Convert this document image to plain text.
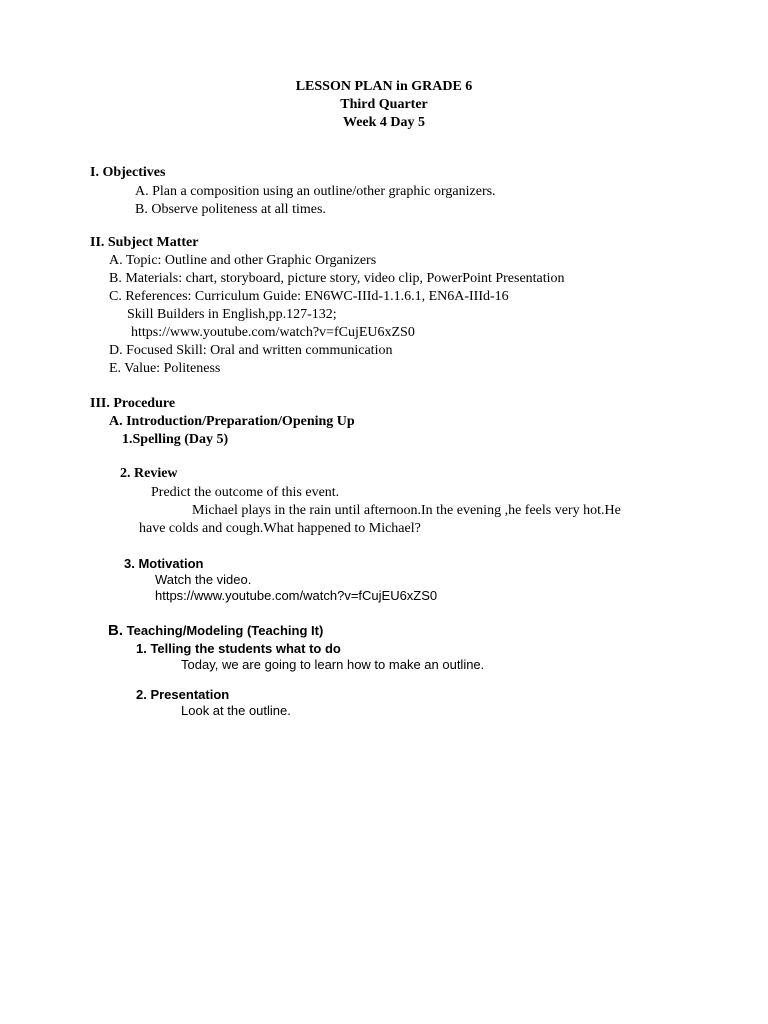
LESSON PLAN in GRADE 6
Third Quarter
Week 4 Day 5
I. Objectives
A. Plan a composition using an outline/other graphic organizers.
B. Observe politeness at all times.
II. Subject Matter
A. Topic: Outline and other Graphic Organizers
B. Materials: chart, storyboard, picture story, video clip, PowerPoint Presentation
C. References: Curriculum Guide: EN6WC-IIId-1.1.6.1, EN6A-IIId-16
Skill Builders in English,pp.127-132;
https://www.youtube.com/watch?v=fCujEU6xZS0
D. Focused Skill: Oral and written communication
E. Value: Politeness
III. Procedure
A. Introduction/Preparation/Opening Up
1.Spelling (Day 5)
2. Review
Predict the outcome of this event.
Michael plays in the rain until afternoon.In the evening ,he feels very hot.He
have colds and cough.What happened to Michael?
3. Motivation
Watch the video.
https://www.youtube.com/watch?v=fCujEU6xZS0
B. Teaching/Modeling (Teaching It)
1. Telling the students what to do
Today, we are going to learn how to make an outline.
2. Presentation
Look at the outline.
